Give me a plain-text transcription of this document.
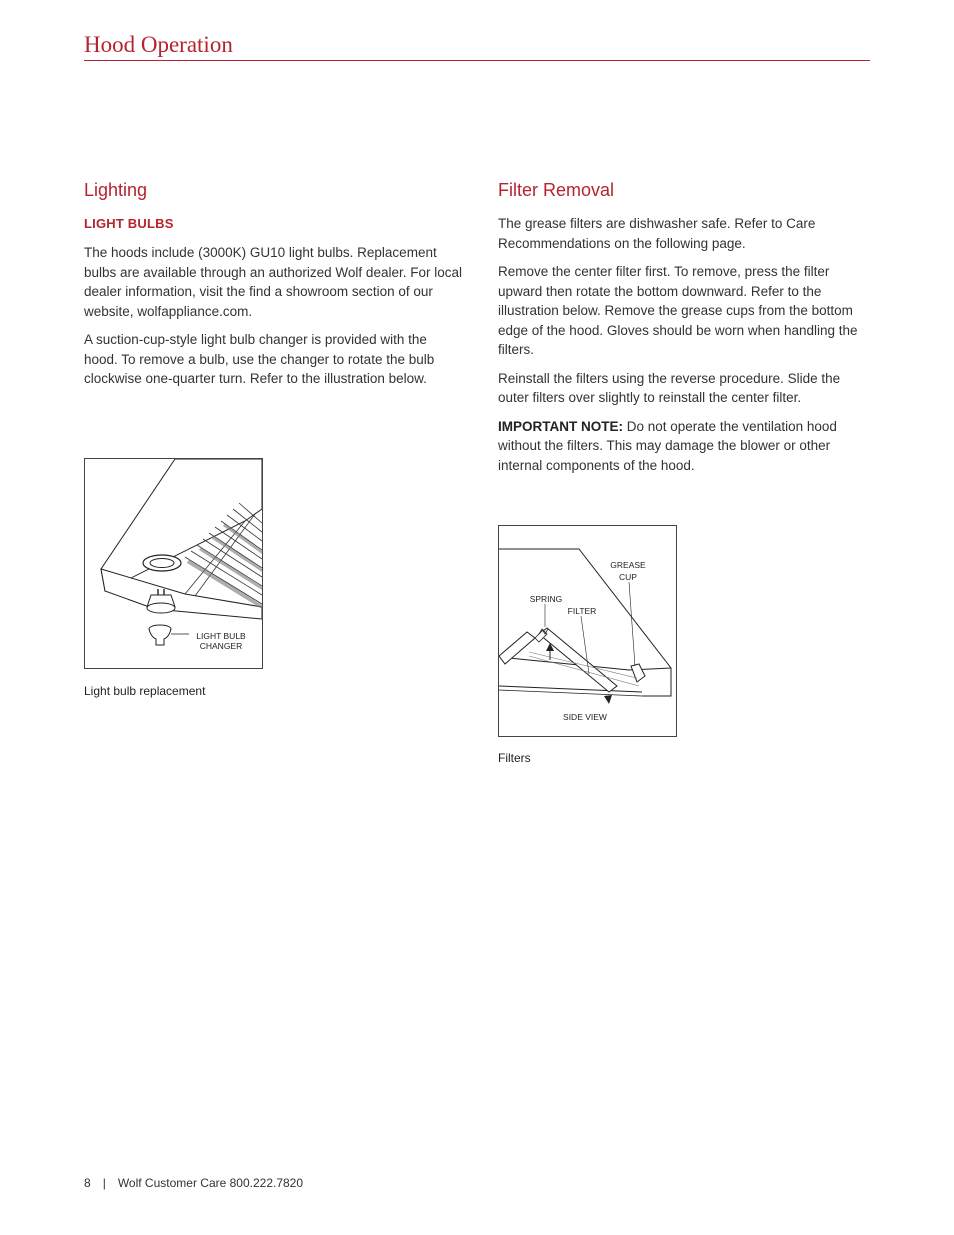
Hood Operation
Lighting
LIGHT BULBS

The hoods include (3000K) GU10 light bulbs. Replacement bulbs are available through an authorized Wolf dealer. For local dealer information, visit the find a showroom section of our website, wolfappliance.com.

A suction-cup-style light bulb changer is provided with the hood. To remove a bulb, use the changer to rotate the bulb clockwise one-quarter turn. Refer to the illustration below.

LIGHT BULB
CHANGER
Light bulb replacement
Filter Removal

The grease filters are dishwasher safe. Refer to Care Recommendations on the following page.

Remove the center filter first. To remove, press the filter upward then rotate the bottom downward. Refer to the illustration below. Remove the grease cups from the bottom edge of the hood. Gloves should be worn when handling the filters.

Reinstall the filters using the reverse procedure. Slide the outer filters over slightly to reinstall the center filter.

IMPORTANT NOTE: Do not operate the ventilation hood without the filters. This may damage the blower or other internal components of the hood.

GREASE
CUP
SPRING
FILTER
SIDE VIEW
Filters
8 | Wolf Customer Care 800.222.7820
